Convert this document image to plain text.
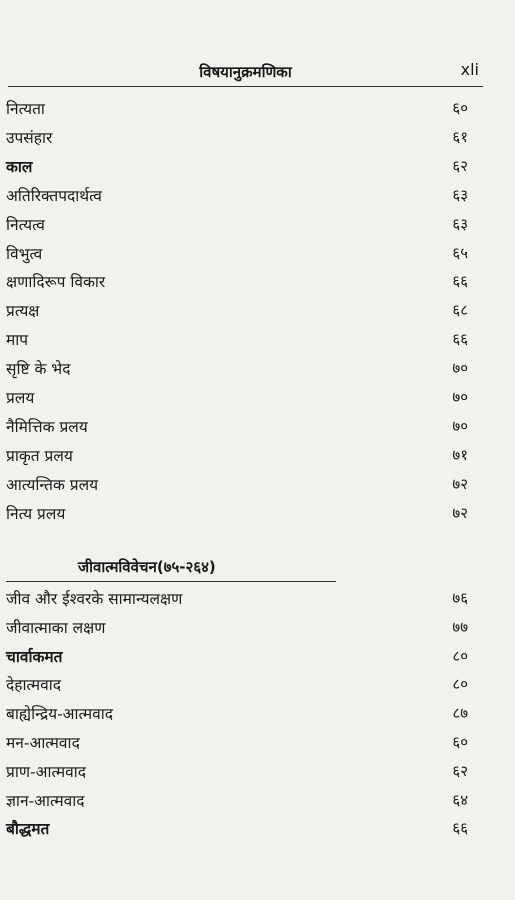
विषयानुक्रमणिका	xli
नित्यता	६०
उपसंहार	६१
काल	६२
अतिरिक्तपदार्थत्व	६३
नित्यत्व	६३
विभुत्व	६५
क्षणादिरूप विकार	६६
प्रत्यक्ष	६८
माप	६६
सृष्टि के भेद	७०
प्रलय	७०
नैमित्तिक प्रलय	७०
प्राकृत प्रलय	७१
आत्यन्तिक प्रलय	७२
नित्य प्रलय	७२
जीवात्मविवेचन(७५-२६४)
जीव और ईश्वरके सामान्यलक्षण	७६
जीवात्माका लक्षण	७७
चार्वाकमत	८०
देहात्मवाद	८०
बाह्येन्द्रिय-आत्मवाद	८७
मन-आत्मवाद	६०
प्राण-आत्मवाद	६२
ज्ञान-आत्मवाद	६४
बौद्धमत	६६
